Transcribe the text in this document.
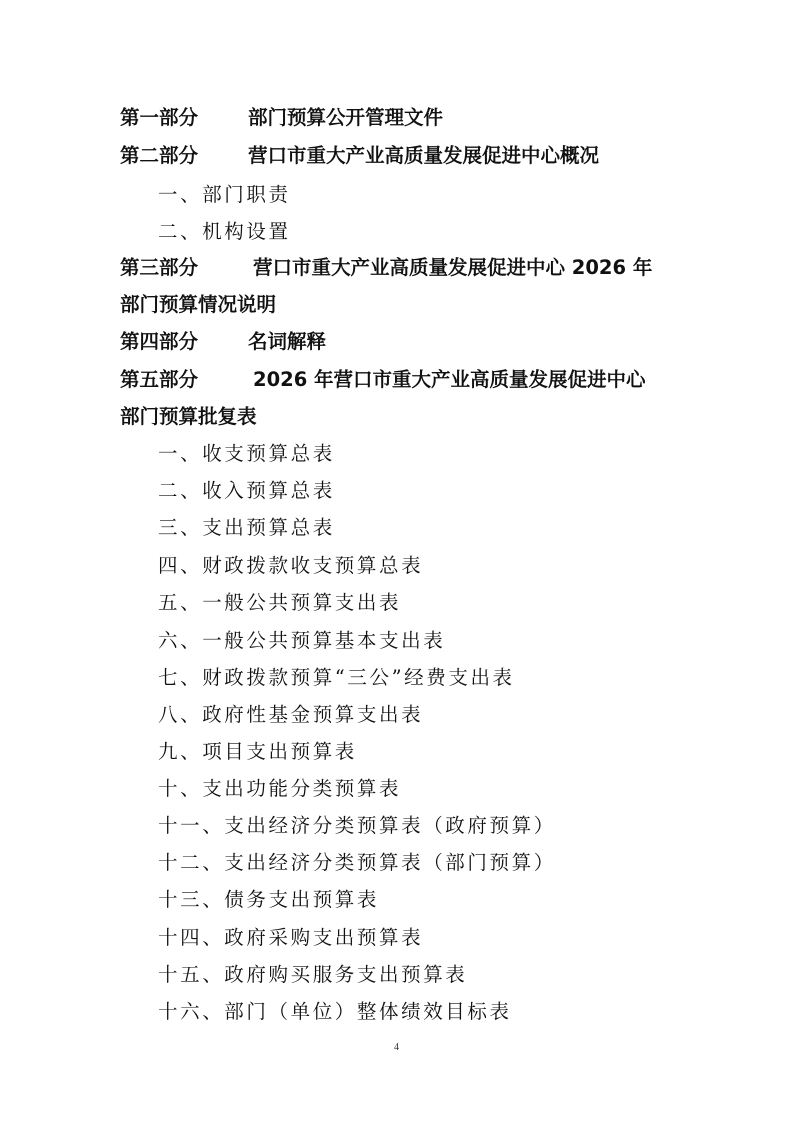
第一部分	部门预算公开管理文件
第二部分	营口市重大产业高质量发展促进中心概况
一、部门职责
二、机构设置
第三部分	营口市重大产业高质量发展促进中心 2026 年
部门预算情况说明
第四部分	名词解释
第五部分	2026 年营口市重大产业高质量发展促进中心
部门预算批复表
一、收支预算总表
二、收入预算总表
三、支出预算总表
四、财政拨款收支预算总表
五、一般公共预算支出表
六、一般公共预算基本支出表
七、财政拨款预算“三公”经费支出表
八、政府性基金预算支出表
九、项目支出预算表
十、支出功能分类预算表
十一、支出经济分类预算表（政府预算）
十二、支出经济分类预算表（部门预算）
十三、债务支出预算表
十四、政府采购支出预算表
十五、政府购买服务支出预算表
十六、部门（单位）整体绩效目标表
4
